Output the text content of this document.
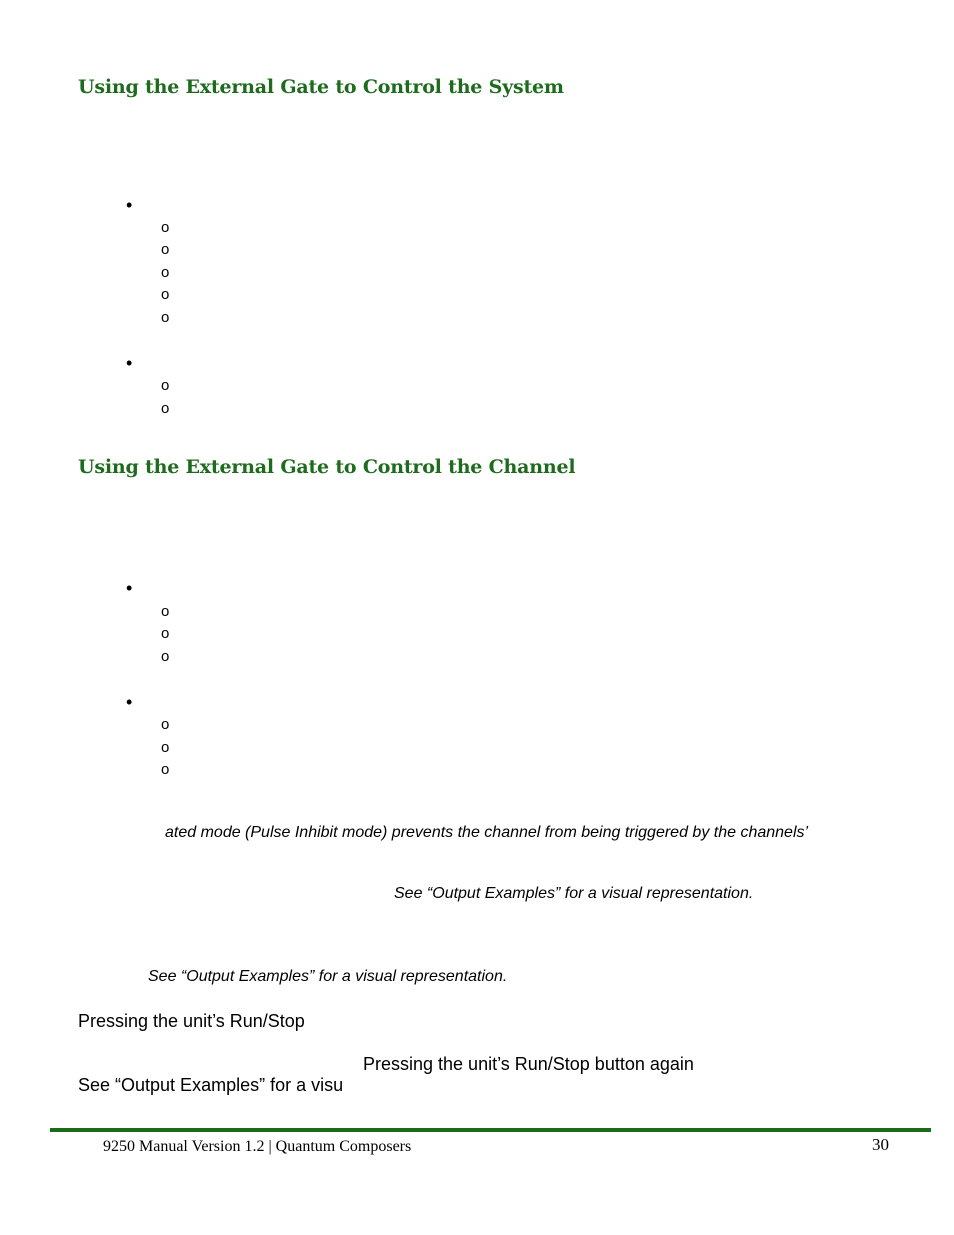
Using the External Gate to Control the System
•
o
o
o
o
o
•
o
o
Using the External Gate to Control the Channel
•
o
o
o
•
o
o
o
ated mode (Pulse Inhibit mode) prevents the channel from being triggered by the channels’
See “Output Examples” for a visual representation.
See “Output Examples” for a visual representation.
Pressing the unit’s Run/Stop
Pressing the unit’s Run/Stop button again
See “Output Examples” for a visu
9250 Manual Version 1.2 | Quantum Composers	30
